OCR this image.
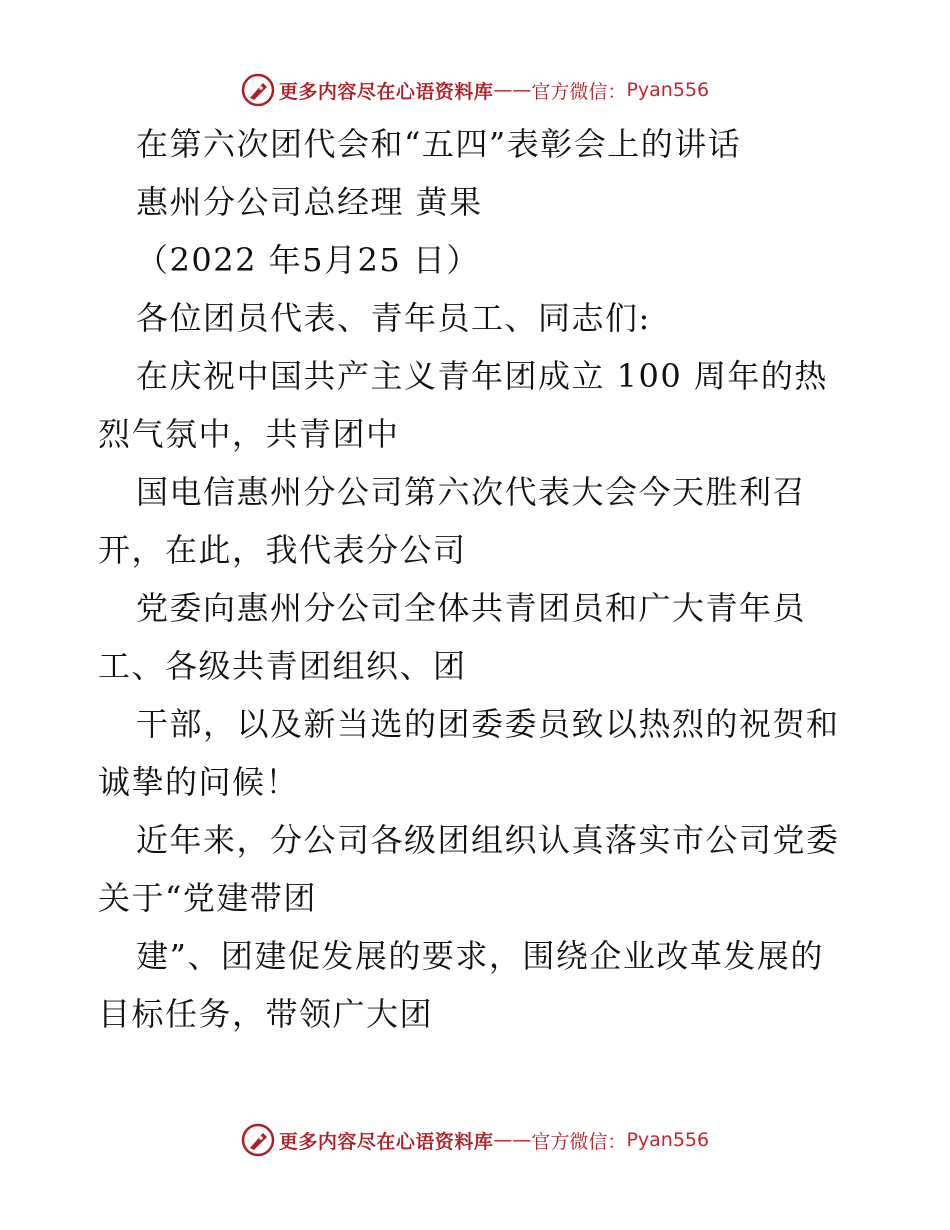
更多内容尽在心语资料库 —— 官方微信： Pyan556
在第六次团代会和“五四”表彰会上的讲话
惠州分公司总经理 黄果
（2022 年5月25 日）
各位团员代表、青年员工、同志们:
在庆祝中国共产主义青年团成立 100 周年的热
烈气氛中，共青团中
国电信惠州分公司第六次代表大会今天胜利召
开，在此，我代表分公司
党委向惠州分公司全体共青团员和广大青年员
工、各级共青团组织、团
干部，以及新当选的团委委员致以热烈的祝贺和
诚挚的问候！
近年来，分公司各级团组织认真落实市公司党委
关于“党建带团
建”、团建促发展的要求，围绕企业改革发展的
目标任务，带领广大团
更多内容尽在心语资料库 —— 官方微信： Pyan556
